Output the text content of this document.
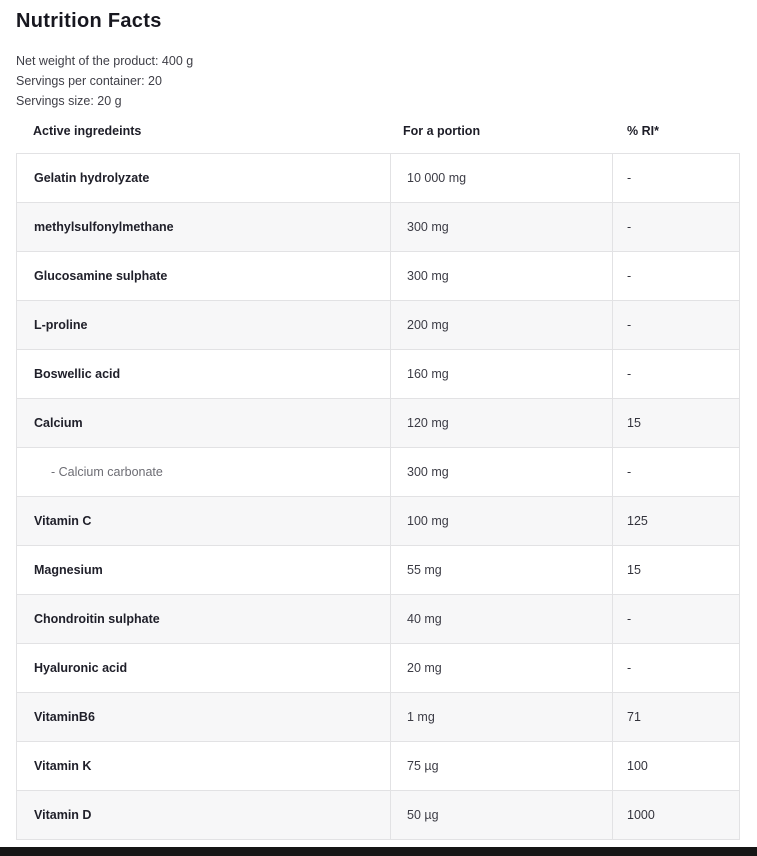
Nutrition Facts
Net weight of the product: 400 g
Servings per container: 20
Servings size: 20 g
Active ingredeints	For a portion	% RI*
Gelatin hydrolyzate	10 000 mg	-
methylsulfonylmethane	300 mg	-
Glucosamine sulphate	300 mg	-
L-proline	200 mg	-
Boswellic acid	160 mg	-
Calcium	120 mg	15
- Calcium carbonate	300 mg	-
Vitamin C	100 mg	125
Magnesium	55 mg	15
Chondroitin sulphate	40 mg	-
Hyaluronic acid	20 mg	-
VitaminB6	1 mg	71
Vitamin K	75 µg	100
Vitamin D	50 µg	1000
